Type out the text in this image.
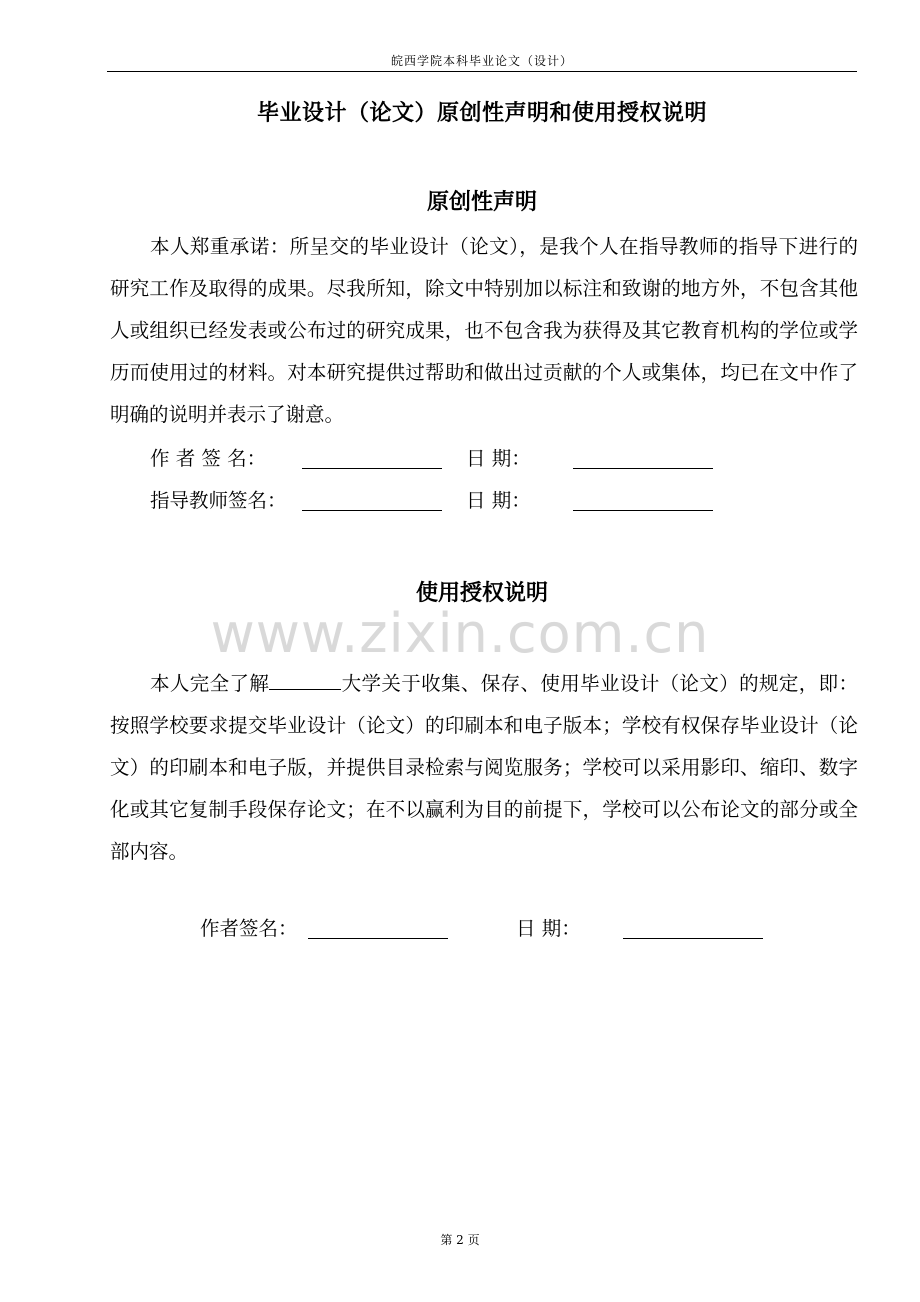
皖西学院本科毕业论文（设计）
毕业设计（论文）原创性声明和使用授权说明
原创性声明

本人郑重承诺：所呈交的毕业设计（论文），是我个人在指导教师的指导下进行的研究工作及取得的成果。尽我所知，除文中特别加以标注和致谢的地方外，不包含其他人或组织已经发表或公布过的研究成果，也不包含我为获得及其它教育机构的学位或学历而使用过的材料。对本研究提供过帮助和做出过贡献的个人或集体，均已在文中作了明确的说明并表示了谢意。

作 者 签 名：	日 期：
指导教师签名：	日 期：
使用授权说明
www.zixin.com.cn

本人完全了解	大学关于收集、保存、使用毕业设计（论文）的规定，即：按照学校要求提交毕业设计（论文）的印刷本和电子版本；学校有权保存毕业设计（论文）的印刷本和电子版，并提供目录检索与阅览服务；学校可以采用影印、缩印、数字化或其它复制手段保存论文；在不以赢利为目的前提下，学校可以公布论文的部分或全部内容。

作者签名：	日 期：
第 2 页
